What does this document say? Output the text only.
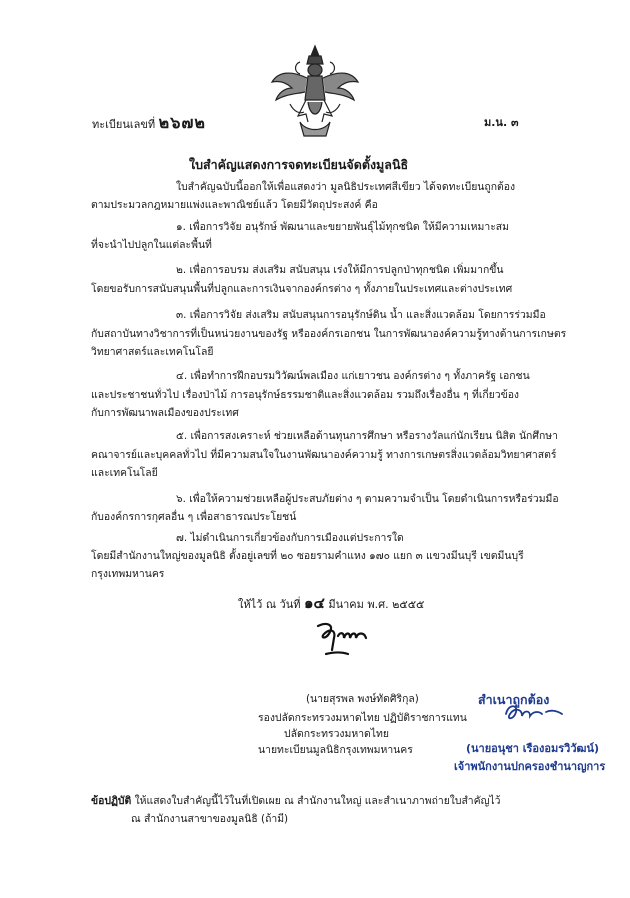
ทะเบียนเลขที่ ๒๖๗๒	ม.น. ๓
ใบสำคัญแสดงการจดทะเบียนจัดตั้งมูลนิธิ
ใบสำคัญฉบับนี้ออกให้เพื่อแสดงว่า มูลนิธิประเทศสีเขียว ได้จดทะเบียนถูกต้อง
ตามประมวลกฎหมายแพ่งและพาณิชย์แล้ว โดยมีวัตถุประสงค์ คือ
๑. เพื่อการวิจัย อนุรักษ์ พัฒนาและขยายพันธุ์ไม้ทุกชนิด ให้มีความเหมาะสม
ที่จะนำไปปลูกในแต่ละพื้นที่
๒. เพื่อการอบรม ส่งเสริม สนับสนุน เร่งให้มีการปลูกป่าทุกชนิด เพิ่มมากขึ้น
โดยขอรับการสนับสนุนพื้นที่ปลูกและการเงินจากองค์กรต่าง ๆ ทั้งภายในประเทศและต่างประเทศ
๓. เพื่อการวิจัย ส่งเสริม สนับสนุนการอนุรักษ์ดิน น้ำ และสิ่งแวดล้อม โดยการร่วมมือ
กับสถาบันทางวิชาการที่เป็นหน่วยงานของรัฐ หรือองค์กรเอกชน ในการพัฒนาองค์ความรู้ทางด้านการเกษตร
วิทยาศาสตร์และเทคโนโลยี
๔. เพื่อทำการฝึกอบรมวิวัฒน์พลเมือง แก่เยาวชน องค์กรต่าง ๆ ทั้งภาครัฐ เอกชน
และประชาชนทั่วไป เรื่องป่าไม้ การอนุรักษ์ธรรมชาติและสิ่งแวดล้อม รวมถึงเรื่องอื่น ๆ ที่เกี่ยวข้อง
กับการพัฒนาพลเมืองของประเทศ
๕. เพื่อการสงเคราะห์ ช่วยเหลือด้านทุนการศึกษา หรือรางวัลแก่นักเรียน นิสิต นักศึกษา
คณาจารย์และบุคคลทั่วไป ที่มีความสนใจในงานพัฒนาองค์ความรู้ ทางการเกษตรสิ่งแวดล้อมวิทยาศาสตร์
และเทคโนโลยี
๖. เพื่อให้ความช่วยเหลือผู้ประสบภัยต่าง ๆ ตามความจำเป็น โดยดำเนินการหรือร่วมมือ
กับองค์กรการกุศลอื่น ๆ เพื่อสาธารณประโยชน์
๗. ไม่ดำเนินการเกี่ยวข้องกับการเมืองแต่ประการใด
โดยมีสำนักงานใหญ่ของมูลนิธิ ตั้งอยู่เลขที่ ๒๐ ซอยรามคำแหง ๑๗๐ แยก ๓ แขวงมีนบุรี เขตมีนบุรี
กรุงเทพมหานคร
ให้ไว้ ณ วันที่ ๑๔ มีนาคม พ.ศ. ๒๕๕๕
(นายสุรพล พงษ์ทัดศิริกุล)
รองปลัดกระทรวงมหาดไทย ปฏิบัติราชการแทน
ปลัดกระทรวงมหาดไทย
นายทะเบียนมูลนิธิกรุงเทพมหานคร
สำเนาถูกต้อง
(นายอนุชา เรืองอมรวิวัฒน์)
เจ้าพนักงานปกครองชำนาญการ
ข้อปฏิบัติ ให้แสดงใบสำคัญนี้ไว้ในที่เปิดเผย ณ สำนักงานใหญ่ และสำเนาภาพถ่ายใบสำคัญไว้
ณ สำนักงานสาขาของมูลนิธิ (ถ้ามี)
